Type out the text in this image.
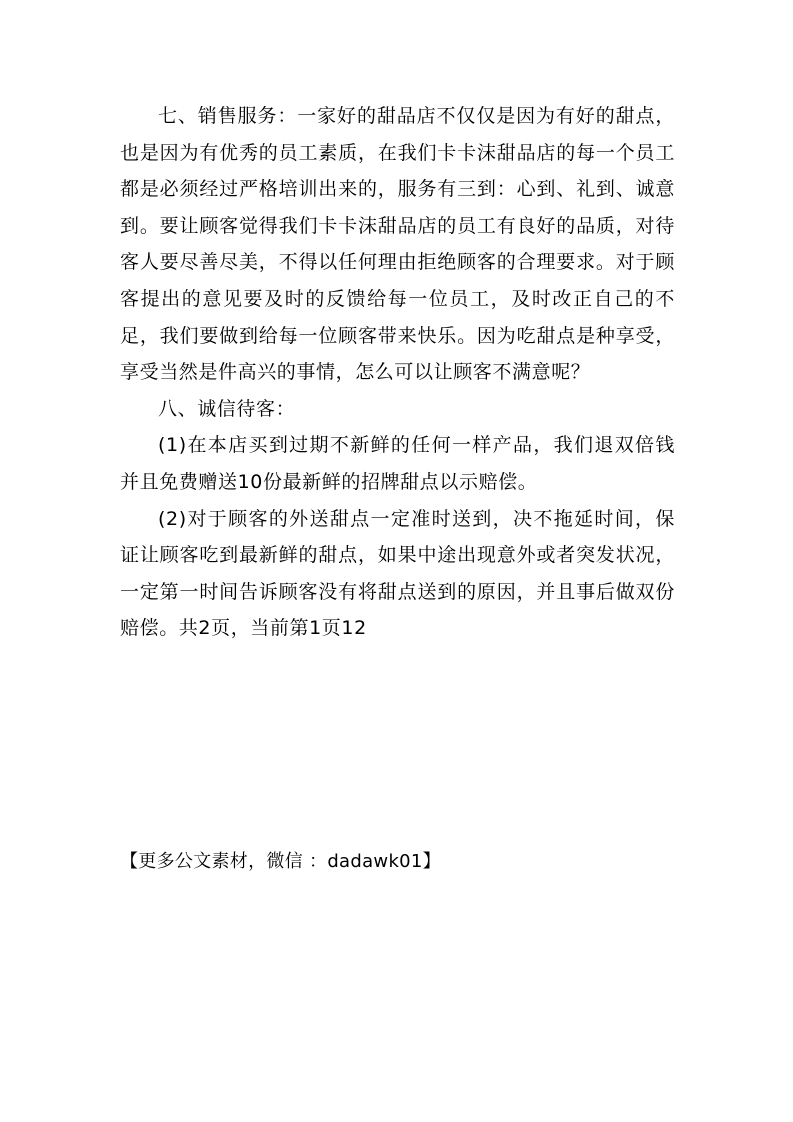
七、销售服务：一家好的甜品店不仅仅是因为有好的甜点，也是因为有优秀的员工素质，在我们卡卡沫甜品店的每一个员工都是必须经过严格培训出来的，服务有三到：心到、礼到、诚意到。要让顾客觉得我们卡卡沫甜品店的员工有良好的品质，对待客人要尽善尽美，不得以任何理由拒绝顾客的合理要求。对于顾客提出的意见要及时的反馈给每一位员工，及时改正自己的不足，我们要做到给每一位顾客带来快乐。因为吃甜点是种享受，享受当然是件高兴的事情，怎么可以让顾客不满意呢？

八、诚信待客：

(1)在本店买到过期不新鲜的任何一样产品，我们退双倍钱并且免费赠送10份最新鲜的招牌甜点以示赔偿。

(2)对于顾客的外送甜点一定准时送到，决不拖延时间，保证让顾客吃到最新鲜的甜点，如果中途出现意外或者突发状况，一定第一时间告诉顾客没有将甜点送到的原因，并且事后做双份赔偿。共2页，当前第1页12

【更多公文素材，微信 ：dadawk01】
